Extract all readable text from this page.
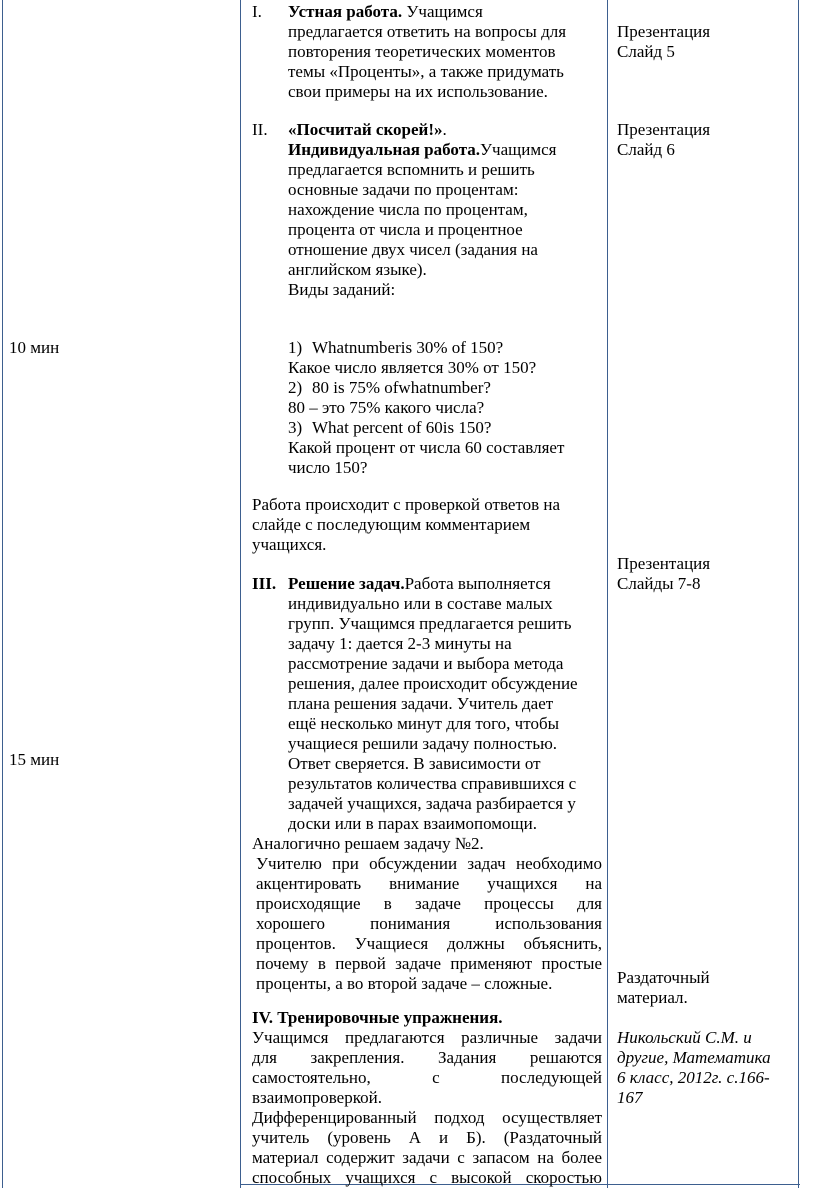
10 мин
15 мин
I. Устная работа. Учащимся
предлагается ответить на вопросы для
повторения теоретических моментов
темы «Проценты», а также придумать
свои примеры на их использование.
II. «Посчитай скорей!».
Индивидуальная работа.Учащимся
предлагается вспомнить и решить
основные задачи по процентам:
нахождение числа по процентам,
процента от числа и процентное
отношение двух чисел (задания на
английском языке).
Виды заданий:
1) Whatnumberis 30% of 150?
Какое число является 30% от 150?
2) 80 is 75% ofwhatnumber?
80 – это 75% какого числа?
3) What percent of 60is 150?
Какой процент от числа 60 составляет
число 150?
Работа происходит с проверкой ответов на
слайде с последующим комментарием
учащихся.
III. Решение задач.Работа выполняется
индивидуально или в составе малых
групп. Учащимся предлагается решить
задачу 1: дается 2-3 минуты на
рассмотрение задачи и выбора метода
решения, далее происходит обсуждение
плана решения задачи. Учитель дает
ещё несколько минут для того, чтобы
учащиеся решили задачу полностью.
Ответ сверяется. В зависимости от
результатов количества справившихся с
задачей учащихся, задача разбирается у
доски или в парах взаимопомощи.
Аналогично решаем задачу №2.
Учителю при обсуждении задач необходимо
акцентировать внимание учащихся на
происходящие в задаче процессы для
хорошего понимания использования
процентов. Учащиеся должны объяснить,
почему в первой задаче применяют простые
проценты, а во второй задаче – сложные.
IV. Тренировочные упражнения.
Учащимся предлагаются различные задачи
для закрепления. Задания решаются
самостоятельно, с последующей
взаимопроверкой.
Дифференцированный подход осуществляет
учитель (уровень А и Б). (Раздаточный
материал содержит задачи с запасом на более
способных учащихся с высокой скоростью
Презентация
Слайд 5
Презентация
Слайд 6
Презентация
Слайды 7-8
Раздаточный
материал.
Никольский С.М. и
другие, Математика
6 класс, 2012г. с.166-
167
